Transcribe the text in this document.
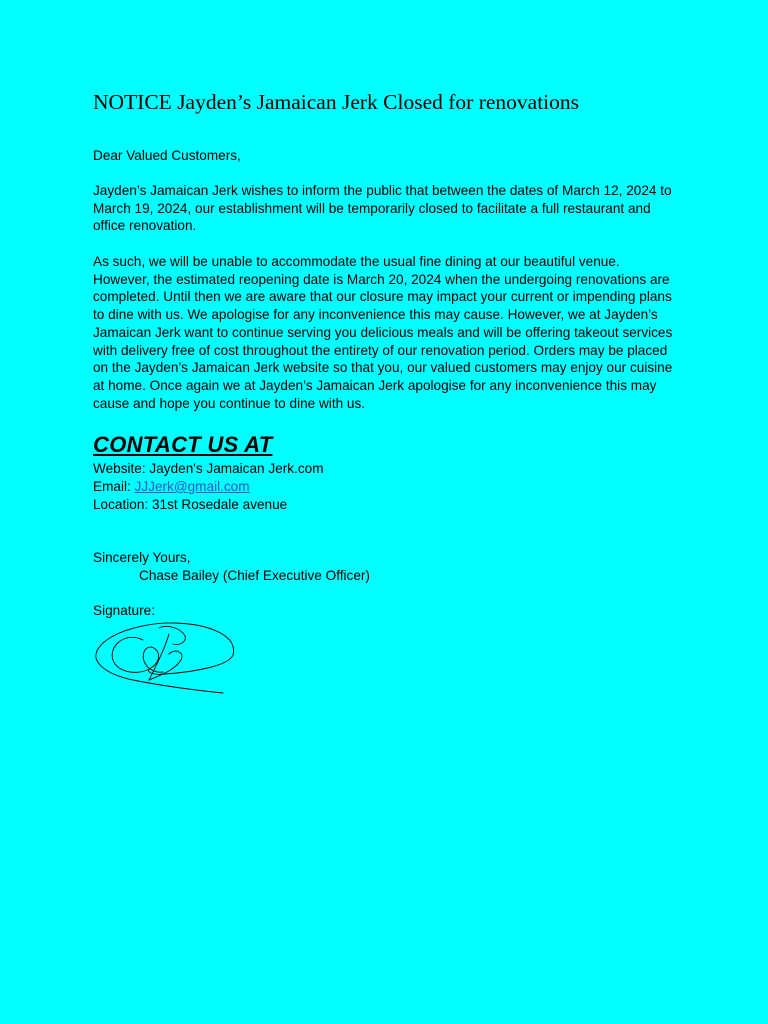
NOTICE Jayden’s Jamaican Jerk Closed for renovations

Dear Valued Customers,

Jayden’s Jamaican Jerk wishes to inform the public that between the dates of March 12, 2024 to March 19, 2024, our establishment will be temporarily closed to facilitate a full restaurant and office renovation.

As such, we will be unable to accommodate the usual fine dining at our beautiful venue. However, the estimated reopening date is March 20, 2024 when the undergoing renovations are completed. Until then we are aware that our closure may impact your current or impending plans to dine with us. We apologise for any inconvenience this may cause. However, we at Jayden’s Jamaican Jerk want to continue serving you delicious meals and will be offering takeout services with delivery free of cost throughout the entirety of our renovation period. Orders may be placed on the Jayden’s Jamaican Jerk website so that you, our valued customers may enjoy our cuisine at home. Once again we at Jayden’s Jamaican Jerk apologise for any inconvenience this may cause and hope you continue to dine with us.

CONTACT US AT
Website: Jayden's Jamaican Jerk.com
Email: JJJerk@gmail.com
Location: 31st Rosedale avenue

Sincerely Yours,

Chase Bailey (Chief Executive Officer)

Signature:
